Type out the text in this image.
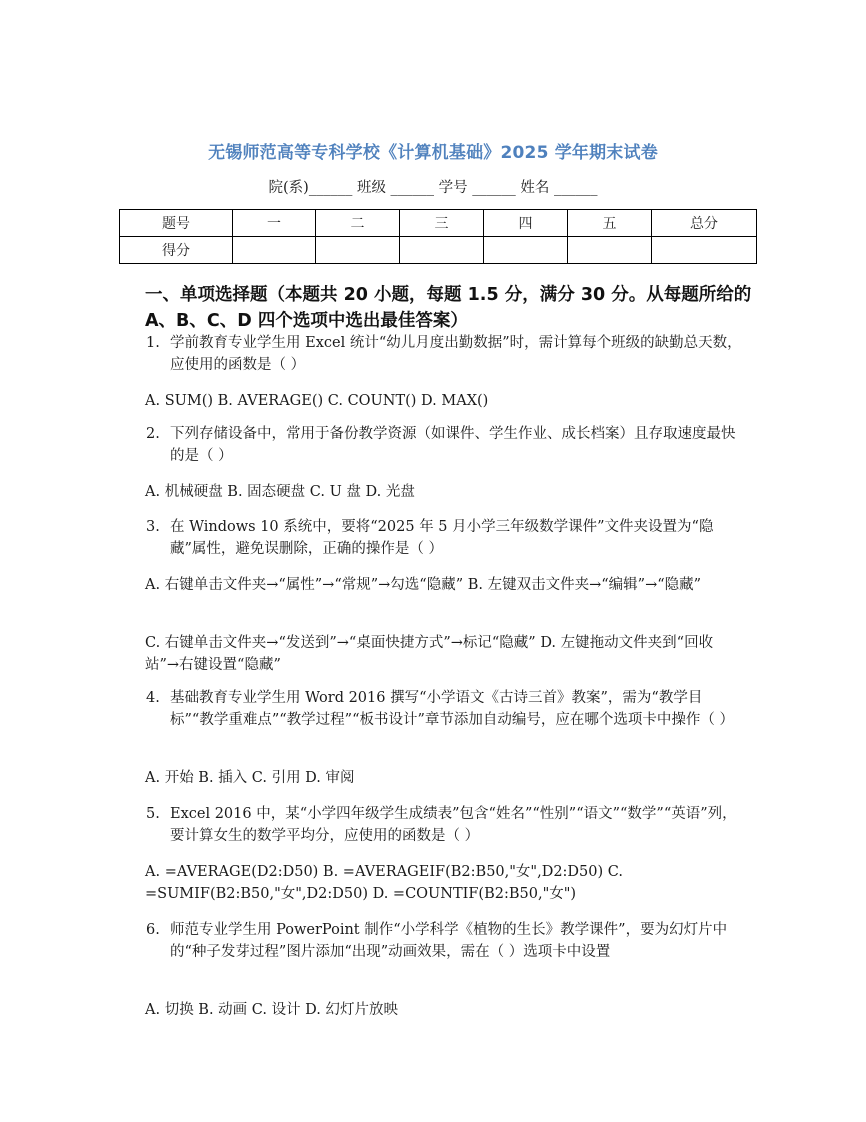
无锡师范高等专科学校《计算机基础》2025 学年期末试卷
院(系)______ 班级 ______ 学号 ______ 姓名 ______
题号	一	二	三	四	五	总分
得分						
一、单项选择题（本题共 20 小题，每题 1.5 分，满分 30 分。从每题所给的 A、B、C、D 四个选项中选出最佳答案）
1. 学前教育专业学生用 Excel 统计“幼儿月度出勤数据”时，需计算每个班级的缺勤总天数，应使用的函数是（ ）
A. SUM() B. AVERAGE() C. COUNT() D. MAX()
2. 下列存储设备中，常用于备份教学资源（如课件、学生作业、成长档案）且存取速度最快的是（ ）
A. 机械硬盘 B. 固态硬盘 C. U 盘 D. 光盘
3. 在 Windows 10 系统中，要将“2025 年 5 月小学三年级数学课件”文件夹设置为“隐藏”属性，避免误删除，正确的操作是（ ）
A. 右键单击文件夹→“属性”→“常规”→勾选“隐藏” B. 左键双击文件夹→“编辑”→“隐藏”
C. 右键单击文件夹→“发送到”→“桌面快捷方式”→标记“隐藏” D. 左键拖动文件夹到“回收站”→右键设置“隐藏”
4. 基础教育专业学生用 Word 2016 撰写“小学语文《古诗三首》教案”，需为“教学目标”“教学重难点”“教学过程”“板书设计”章节添加自动编号，应在哪个选项卡中操作（ ）
A. 开始 B. 插入 C. 引用 D. 审阅
5. Excel 2016 中，某“小学四年级学生成绩表”包含“姓名”“性别”“语文”“数学”“英语”列，要计算女生的数学平均分，应使用的函数是（ ）
A. =AVERAGE(D2:D50) B. =AVERAGEIF(B2:B50,"女",D2:D50) C. =SUMIF(B2:B50,"女",D2:D50) D. =COUNTIF(B2:B50,"女")
6. 师范专业学生用 PowerPoint 制作“小学科学《植物的生长》教学课件”，要为幻灯片中的“种子发芽过程”图片添加“出现”动画效果，需在（ ）选项卡中设置
A. 切换 B. 动画 C. 设计 D. 幻灯片放映
